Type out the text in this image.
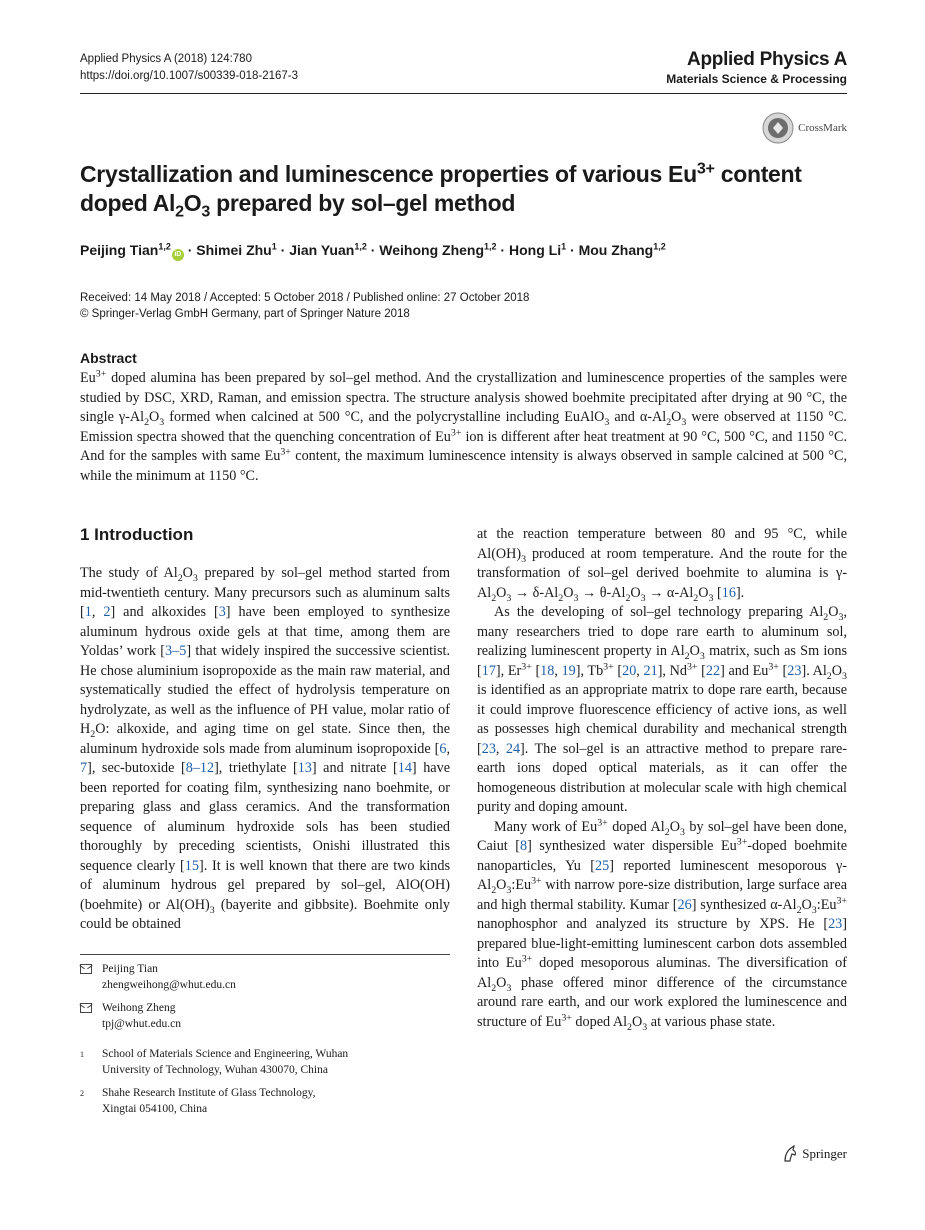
Applied Physics A (2018) 124:780
https://doi.org/10.1007/s00339-018-2167-3
Applied Physics A
Materials Science & Processing
CrossMark
Crystallization and luminescence properties of various $Eu^{3+}$ content doped $Al_2O_3$ prepared by sol–gel method
Peijing Tian$^{1,2}$iD · Shimei Zhu$^1$ · Jian Yuan$^{1,2}$ · Weihong Zheng$^{1,2}$ · Hong $Li^1$ · Mou Zhang$^{1,2}$
Received: 14 May 2018 / Accepted: 5 October 2018 / Published online: 27 October 2018
© Springer-Verlag GmbH Germany, part of Springer Nature 2018
Abstract
$Eu^{3+}$ doped alumina has been prepared by sol–gel method. And the crystallization and luminescence properties of the samples were studied by DSC, XRD, Raman, and emission spectra. The structure analysis showed boehmite precipitated after drying at 90 °C, the single $\gamma-Al_2O_3$ formed when calcined at 500 °C, and the polycrystalline including EuAlO$_3$ and $\alpha-Al_2O_3$ were observed at 1150 °C. Emission spectra showed that the quenching concentration of $Eu^{3+}$ ion is different after heat treatment at 90 °C, 500 °C, and 1150 °C. And for the samples with same $Eu^{3+}$ content, the maximum luminescence intensity is always observed in sample calcined at 500 °C, while the minimum at 1150 °C.
1 Introduction

The study of $Al_2O_3$ prepared by sol–gel method started from mid-twentieth century. Many precursors such as aluminum salts [1, 2] and alkoxides [3] have been employed to synthesize aluminum hydrous oxide gels at that time, among them are Yoldas’ work [3–5] that widely inspired the successive scientist. He chose aluminium isopropoxide as the main raw material, and systematically studied the effect of hydrolysis temperature on hydrolyzate, as well as the influence of PH value, molar ratio of $H_2O$: alkoxide, and aging time on gel state. Since then, the aluminum hydroxide sols made from aluminum isopropoxide [6, 7], sec-butoxide [8–12], triethylate [13] and nitrate [14] have been reported for coating film, synthesizing nano boehmite, or preparing glass and glass ceramics. And the transformation sequence of aluminum hydroxide sols has been studied thoroughly by preceding scientists, Onishi illustrated this sequence clearly [15]. It is well known that there are two kinds of aluminum hydrous gel prepared by sol–gel, AlO(OH) (boehmite) or $Al(OH)_3$ (bayerite and gibbsite). Boehmite only could be obtained

at the reaction temperature between 80 and 95 °C, while $Al(OH)_3$ produced at room temperature. And the route for the transformation of sol–gel derived boehmite to alumina is $\gamma-Al_2O_3 \to \delta-Al_2O_3 \to \theta-Al_2O_3 \to \alpha-Al_2O_3$ [16].

As the developing of sol–gel technology preparing $Al_2O_3$, many researchers tried to dope rare earth to aluminum sol, realizing luminescent property in $Al_2O_3$ matrix, such as Sm ions [17], $Er^{3+}$ [18, 19], $Tb^{3+}$ [20, 21], $Nd^{3+}$ [22] and $Eu^{3+}$ [23]. $Al_2O_3$ is identified as an appropriate matrix to dope rare earth, because it could improve fluorescence efficiency of active ions, as well as possesses high chemical durability and mechanical strength [23, 24]. The sol–gel is an attractive method to prepare rare-earth ions doped optical materials, as it can offer the homogeneous distribution at molecular scale with high chemical purity and doping amount.

Many work of $Eu^{3+}$ doped $Al_2O_3$ by sol–gel have been done, Caiut [8] synthesized water dispersible $Eu^{3+}$-doped boehmite nanoparticles, Yu [25] reported luminescent mesoporous $\gamma-Al_2O_3:Eu^{3+}$ with narrow pore-size distribution, large surface area and high thermal stability. Kumar [26] synthesized $\alpha-Al_2O_3:Eu^{3+}$ nanophosphor and analyzed its structure by XPS. He [23] prepared blue-light-emitting luminescent carbon dots assembled into $Eu^{3+}$ doped mesoporous aluminas. The diversification of $Al_2O_3$ phase offered minor difference of the circumstance around rare earth, and our work explored the luminescence and structure of $Eu^{3+}$ doped $Al_2O_3$ at various phase state.

Peijing Tian
zhengweihong@whut.edu.cn
Weihong Zheng
tpj@whut.edu.cn
1	School of Materials Science and Engineering, Wuhan
University of Technology, Wuhan 430070, China
2	Shahe Research Institute of Glass Technology,
Xingtai 054100, China
Springer
